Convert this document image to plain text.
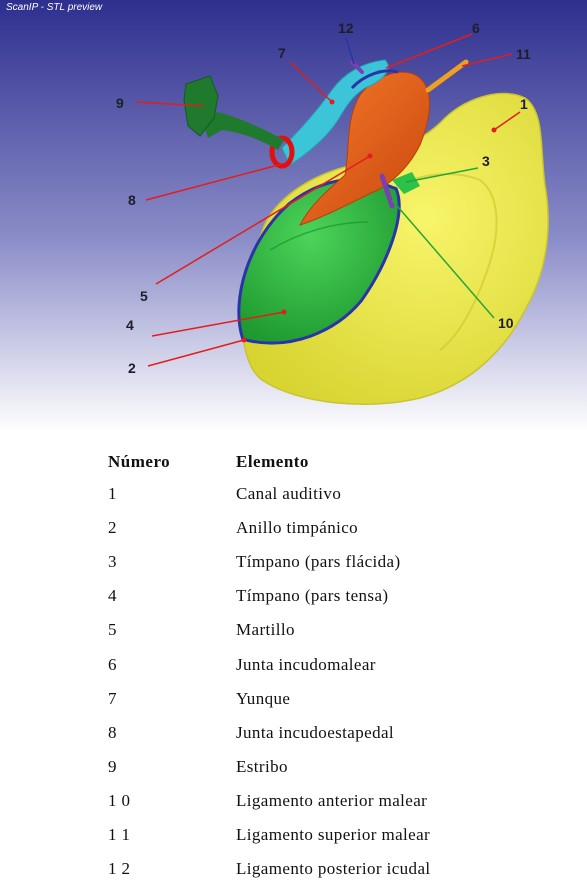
1
2
3
4
5
6
7
8
9
10
11
12
ScanIP - STL preview
Número	Elemento
1	Canal auditivo
2	Anillo timpánico
3	Tímpano (pars flácida)
4	Tímpano (pars tensa)
5	Martillo
6	Junta incudomalear
7	Yunque
8	Junta incudoestapedal
9	Estribo
1 0	Ligamento anterior malear
1 1	Ligamento superior malear
1 2	Ligamento posterior icudal
